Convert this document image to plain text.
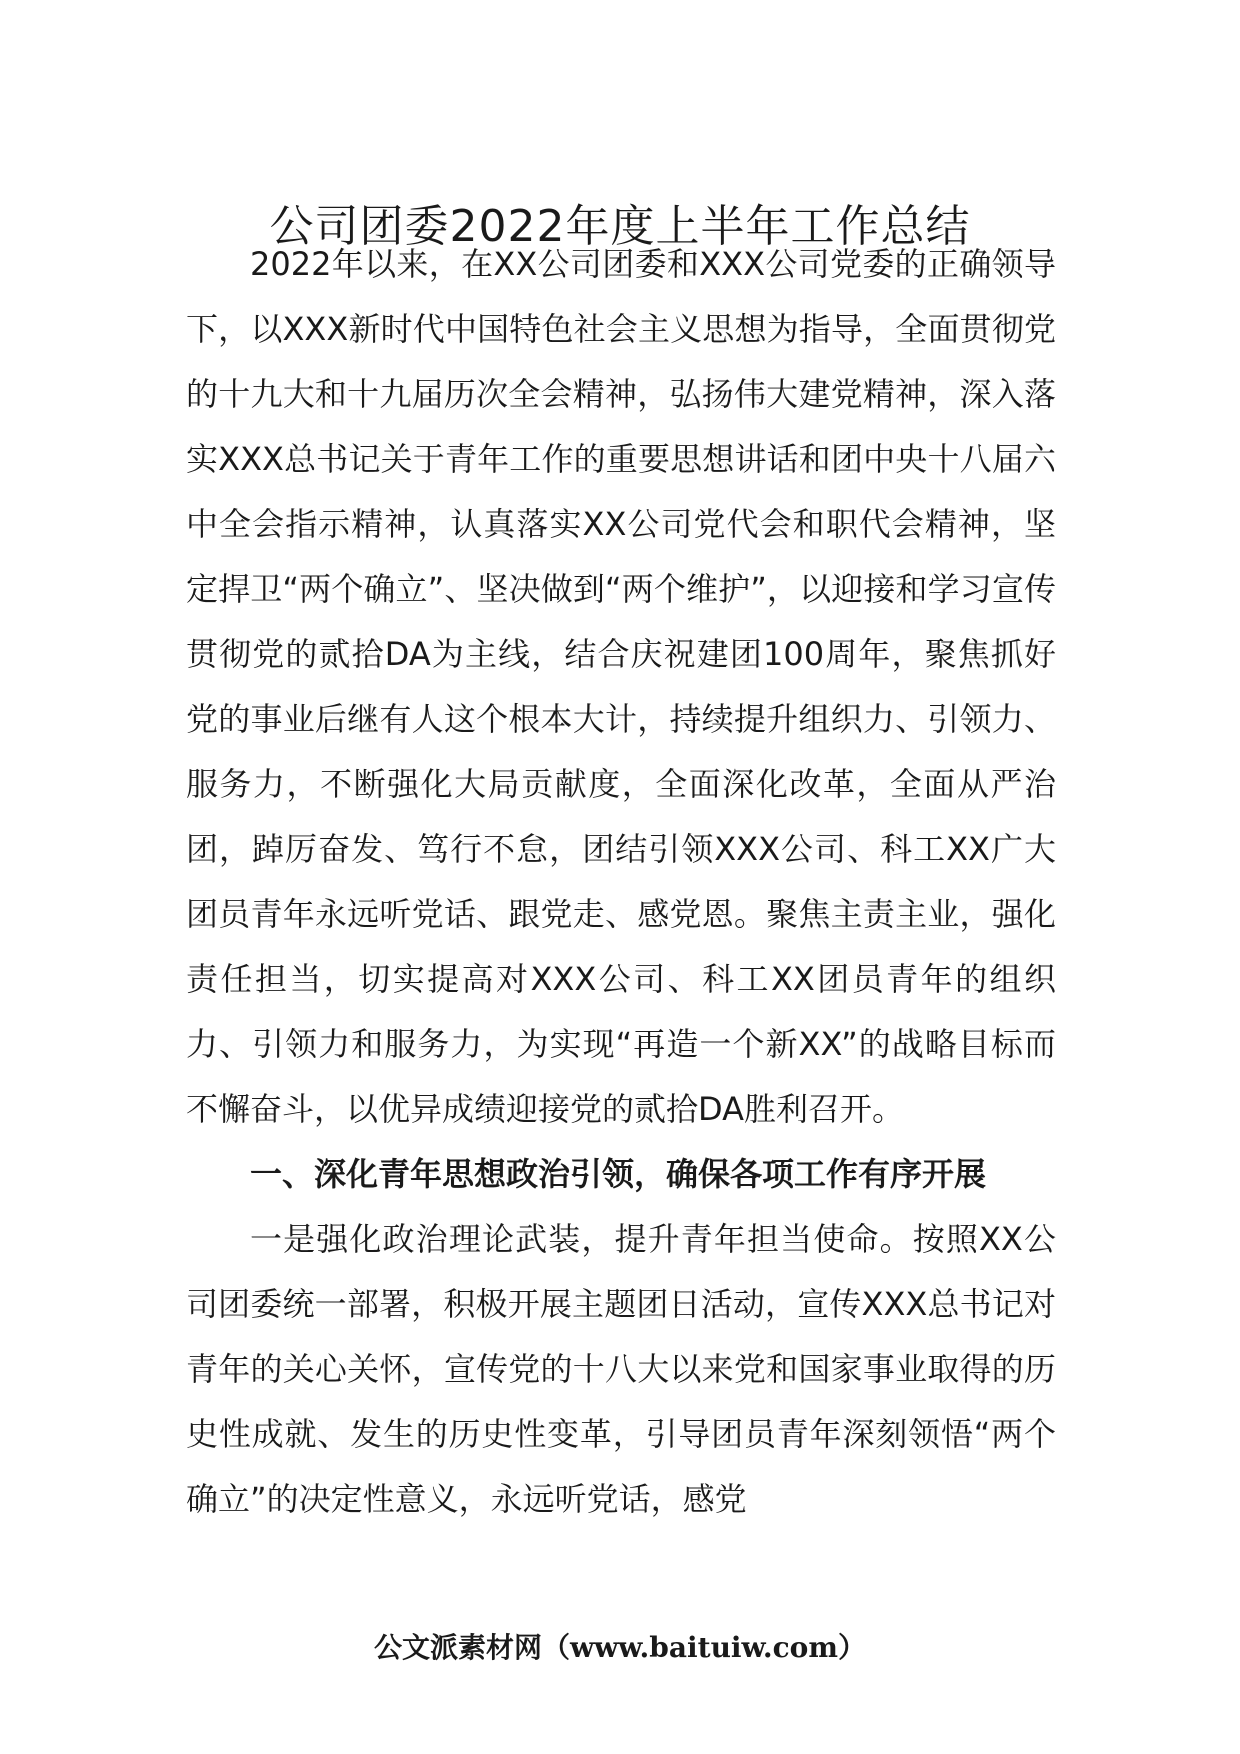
公司团委2022年度上半年工作总结

2022年以来，在XX公司团委和XXX公司党委的正确领导下，以XXX新时代中国特色社会主义思想为指导，全面贯彻党的十九大和十九届历次全会精神，弘扬伟大建党精神，深入落实XXX总书记关于青年工作的重要思想讲话和团中央十八届六中全会指示精神，认真落实XX公司党代会和职代会精神，坚定捍卫“两个确立”、坚决做到“两个维护”，以迎接和学习宣传贯彻党的贰拾DA为主线，结合庆祝建团100周年，聚焦抓好党的事业后继有人这个根本大计，持续提升组织力、引领力、服务力，不断强化大局贡献度，全面深化改革，全面从严治团，踔厉奋发、笃行不怠，团结引领XXX公司、科工XX广大团员青年永远听党话、跟党走、感党恩。聚焦主责主业，强化责任担当，切实提高对XXX公司、科工XX团员青年的组织力、引领力和服务力，为实现“再造一个新XX”的战略目标而不懈奋斗，以优异成绩迎接党的贰拾DA胜利召开。

一、深化青年思想政治引领，确保各项工作有序开展

一是强化政治理论武装，提升青年担当使命。按照XX公司团委统一部署，积极开展主题团日活动，宣传XXX总书记对青年的关心关怀，宣传党的十八大以来党和国家事业取得的历史性成就、发生的历史性变革，引导团员青年深刻领悟“两个确立”的决定性意义，永远听党话，感党

公文派素材网（www.baituiw.com）
